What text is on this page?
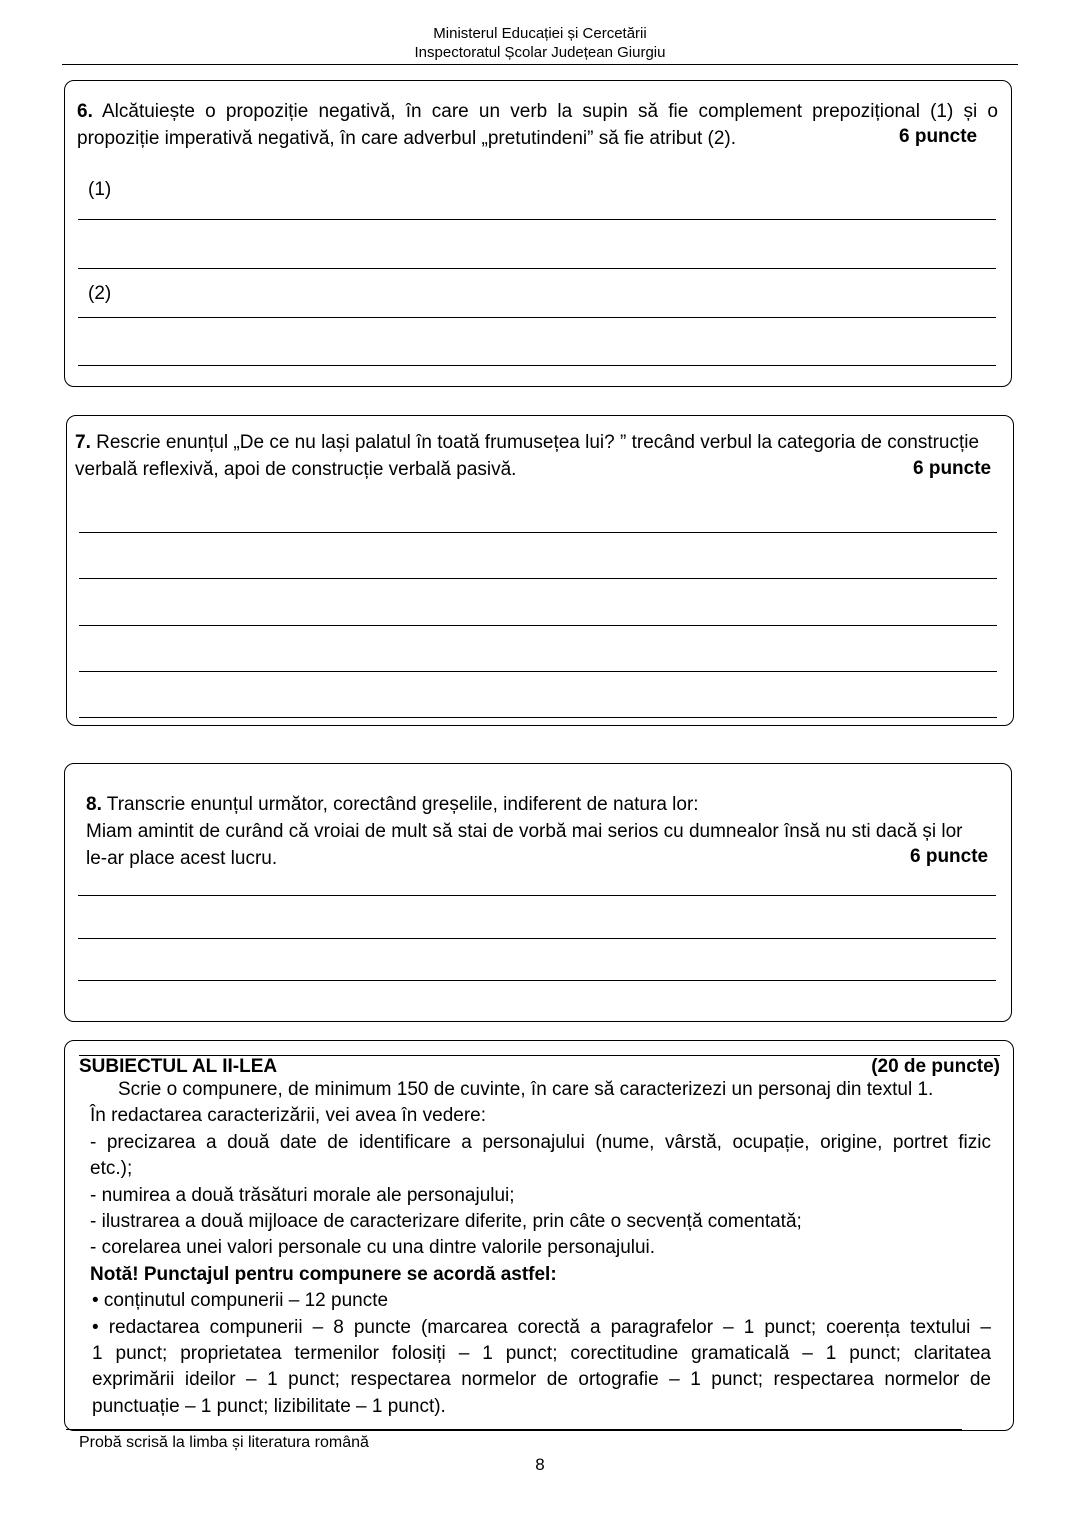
Ministerul Educației și Cercetării
Inspectoratul Școlar Județean Giurgiu
6. Alcătuiește o propoziție negativă, în care un verb la supin să fie complement prepozițional (1) și o
propoziție imperativă negativă, în care adverbul „pretutindeni” să fie atribut (2).	6 puncte
(1)
(2)
7. Rescrie enunțul „De ce nu lași palatul în toată frumusețea lui? ” trecând verbul la categoria de construcție
verbală reflexivă, apoi de construcție verbală pasivă.	6 puncte
8. Transcrie enunțul următor, corectând greșelile, indiferent de natura lor:
Miam amintit de curând că vroiai de mult să stai de vorbă mai serios cu dumnealor însă nu sti dacă și lor
le-ar place acest lucru.	6 puncte
SUBIECTUL AL II-LEA	(20 de puncte)
Scrie o compunere, de minimum 150 de cuvinte, în care să caracterizezi un personaj din textul 1.
În redactarea caracterizării, vei avea în vedere:
- precizarea a două date de identificare a personajului (nume, vârstă, ocupație, origine, portret fizic
etc.);
- numirea a două trăsături morale ale personajului;
- ilustrarea a două mijloace de caracterizare diferite, prin câte o secvență comentată;
- corelarea unei valori personale cu una dintre valorile personajului.
Notă! Punctajul pentru compunere se acordă astfel:
• conținutul compunerii – 12 puncte
• redactarea compunerii – 8 puncte (marcarea corectă a paragrafelor – 1 punct; coerența textului –
1 punct; proprietatea termenilor folosiți – 1 punct; corectitudine gramaticală – 1 punct; claritatea
exprimării ideilor – 1 punct; respectarea normelor de ortografie – 1 punct; respectarea normelor de
punctuație – 1 punct; lizibilitate – 1 punct).
Probă scrisă la limba și literatura română
8
